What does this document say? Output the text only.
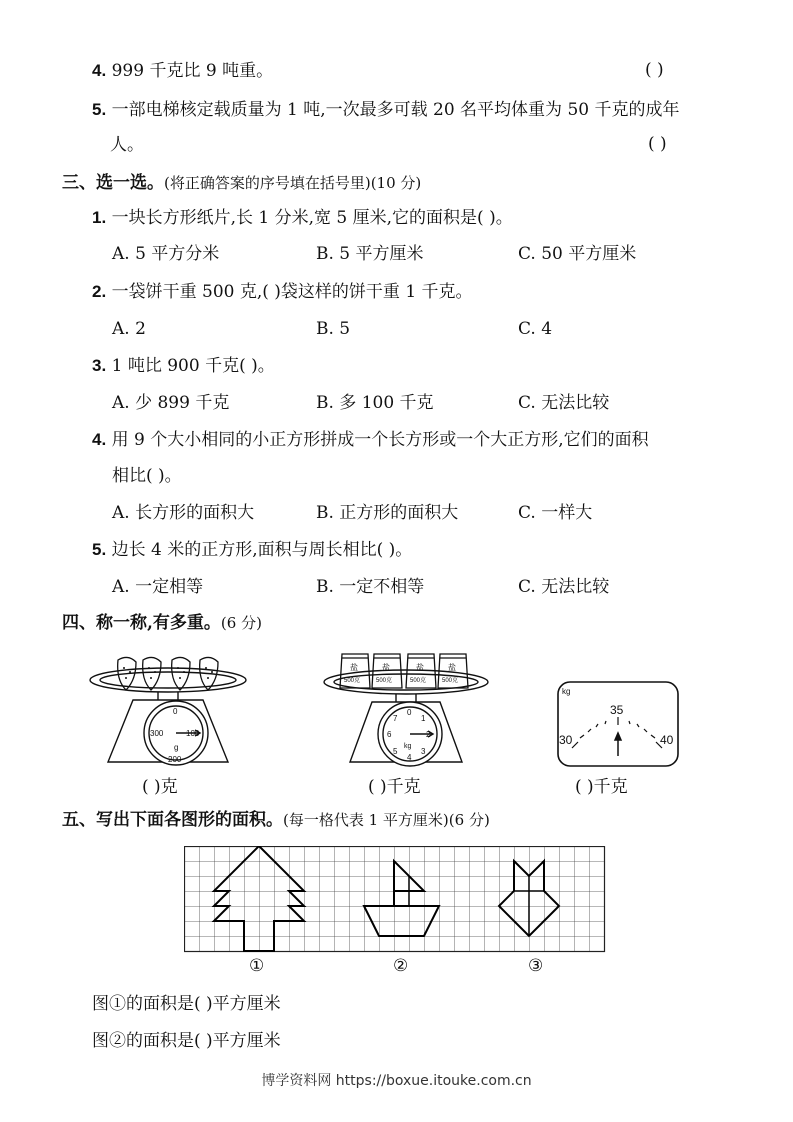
4. 999 千克比 9 吨重。	( )
5. 一部电梯核定载质量为 1 吨,一次最多可载 20 名平均体重为 50 千克的成年
人。	( )
三、选一选。(将正确答案的序号填在括号里)(10 分)
1. 一块长方形纸片,长 1 分米,宽 5 厘米,它的面积是( )。
A. 5 平方分米	B. 5 平方厘米	C. 50 平方厘米
2. 一袋饼干重 500 克,( )袋这样的饼干重 1 千克。
A. 2	B. 5	C. 4
3. 1 吨比 900 千克( )。
A. 少 899 千克	B. 多 100 千克	C. 无法比较
4. 用 9 个大小相同的小正方形拼成一个长方形或一个大正方形,它们的面积
相比( )。
A. 长方形的面积大	B. 正方形的面积大	C. 一样大
5. 边长 4 米的正方形,面积与周长相比( )。
A. 一定相等	B. 一定不相等	C. 无法比较
四、称一称,有多重。(6 分)
0
100
200
300
g
( )克
盐	盐	盐	盐
500克	500克	500克	500克
0
1
2
3
4
5
6
7
kg
( )千克
kg
30
35
40
( )千克
五、写出下面各图形的面积。(每一格代表 1 平方厘米)(6 分)
①	②	③
图①的面积是( )平方厘米
图②的面积是( )平方厘米
博学资料网 https://boxue.itouke.com.cn
